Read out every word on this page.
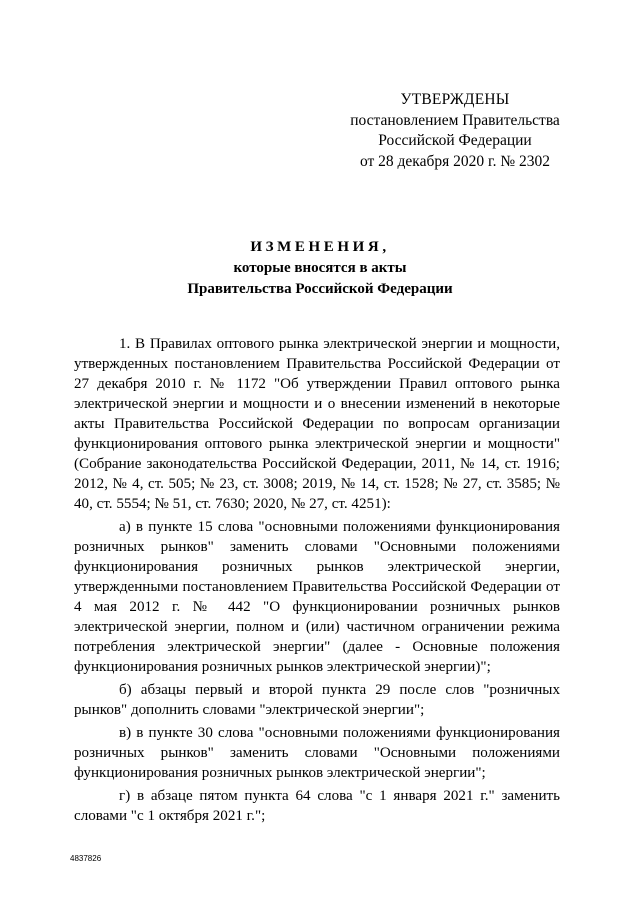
УТВЕРЖДЕНЫ
постановлением Правительства
Российской Федерации
от 28 декабря 2020 г. № 2302
ИЗМЕНЕНИЯ,
которые вносятся в акты
Правительства Российской Федерации

1. В Правилах оптового рынка электрической энергии и мощности, утвержденных постановлением Правительства Российской Федерации от 27 декабря 2010 г. № 1172 "Об утверждении Правил оптового рынка электрической энергии и мощности и о внесении изменений в некоторые акты Правительства Российской Федерации по вопросам организации функционирования оптового рынка электрической энергии и мощности" (Собрание законодательства Российской Федерации, 2011, № 14, ст. 1916; 2012, № 4, ст. 505; № 23, ст. 3008; 2019, № 14, ст. 1528; № 27, ст. 3585; № 40, ст. 5554; № 51, ст. 7630; 2020, № 27, ст. 4251):

а) в пункте 15 слова "основными положениями функционирования розничных рынков" заменить словами "Основными положениями функционирования розничных рынков электрической энергии, утвержденными постановлением Правительства Российской Федерации от 4 мая 2012 г. № 442 "О функционировании розничных рынков электрической энергии, полном и (или) частичном ограничении режима потребления электрической энергии" (далее - Основные положения функционирования розничных рынков электрической энергии)";

б) абзацы первый и второй пункта 29 после слов "розничных рынков" дополнить словами "электрической энергии";

в) в пункте 30 слова "основными положениями функционирования розничных рынков" заменить словами "Основными положениями функционирования розничных рынков электрической энергии";

г) в абзаце пятом пункта 64 слова "с 1 января 2021 г." заменить словами "с 1 октября 2021 г.";

4837826
